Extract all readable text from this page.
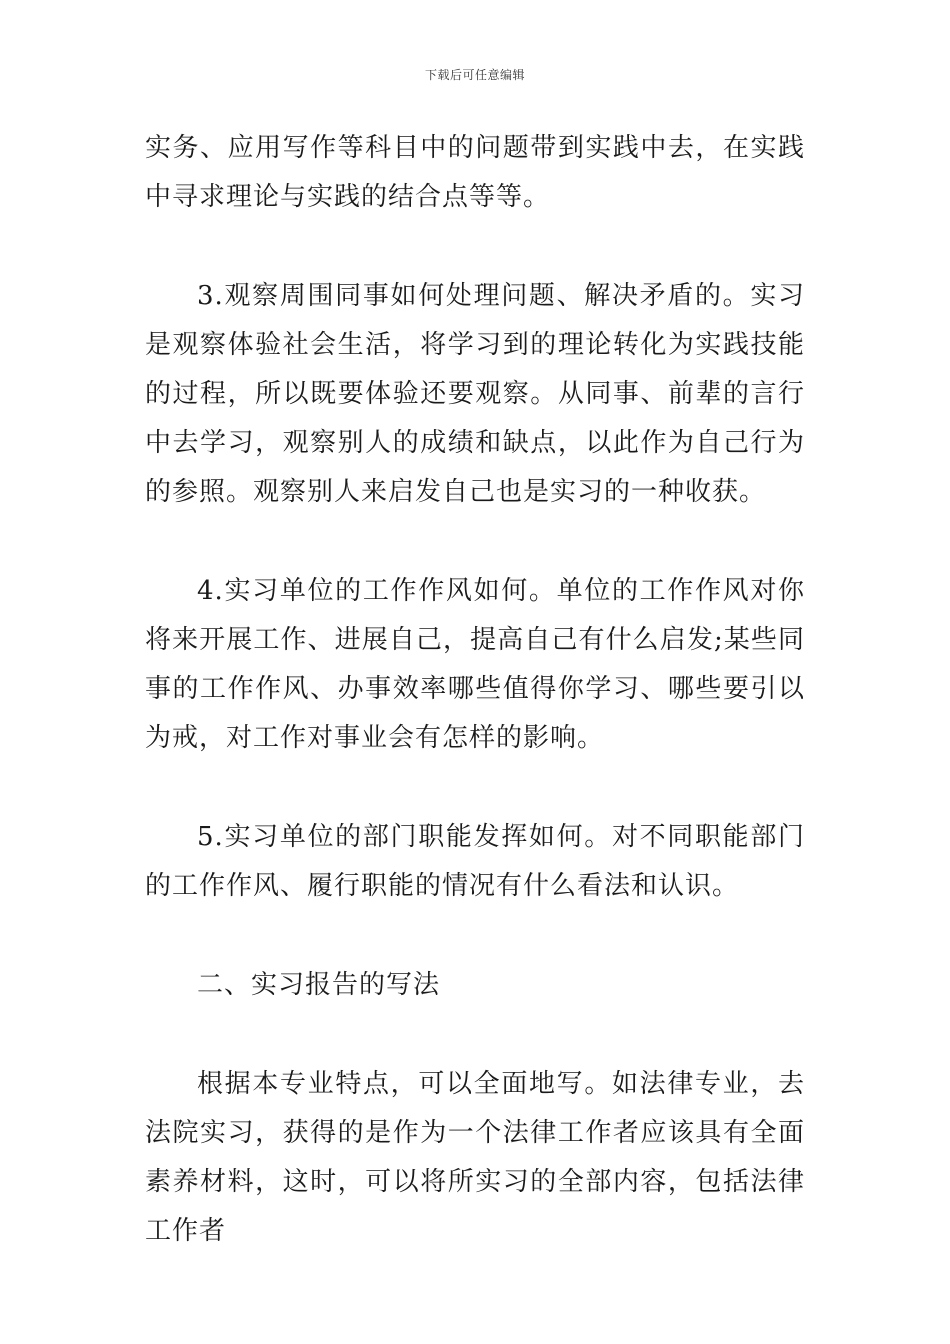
下载后可任意编辑

实务、应用写作等科目中的问题带到实践中去，在实践中寻求理论与实践的结合点等等。

3.观察周围同事如何处理问题、解决矛盾的。实习是观察体验社会生活，将学习到的理论转化为实践技能的过程，所以既要体验还要观察。从同事、前辈的言行中去学习，观察别人的成绩和缺点，以此作为自己行为的参照。观察别人来启发自己也是实习的一种收获。

4.实习单位的工作作风如何。单位的工作作风对你将来开展工作、进展自己，提高自己有什么启发;某些同事的工作作风、办事效率哪些值得你学习、哪些要引以为戒，对工作对事业会有怎样的影响。

5.实习单位的部门职能发挥如何。对不同职能部门的工作作风、履行职能的情况有什么看法和认识。

二、实习报告的写法

根据本专业特点，可以全面地写。如法律专业，去法院实习，获得的是作为一个法律工作者应该具有全面素养材料，这时，可以将所实习的全部内容，包括法律工作者
